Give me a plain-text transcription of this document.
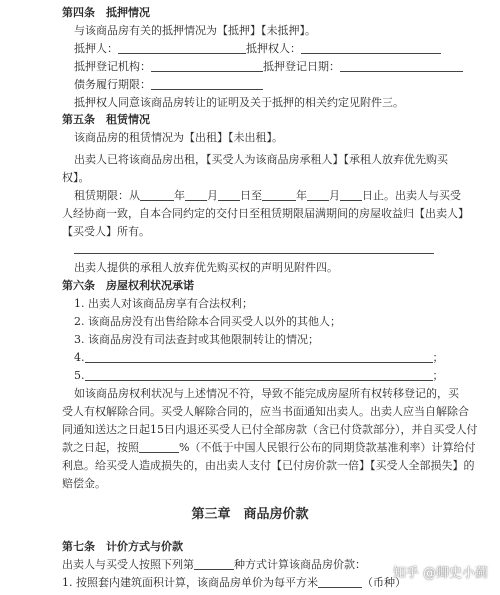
第四条　抵押情况
与该商品房有关的抵押情况为【抵押】【未抵押】。
抵押人：	抵押权人：
抵押登记机构：	抵押登记日期：
债务履行期限：
抵押权人同意该商品房转让的证明及关于抵押的相关约定见附件三。
第五条　租赁情况
该商品房的租赁情况为【出租】【未出租】。
出卖人已将该商品房出租，【买受人为该商品房承租人】【承租人放弃优先购买
权】。
租赁期限：从	年 月 日至	年 月 日止。出卖人与买受
人经协商一致，自本合同约定的交付日至租赁期限届满期间的房屋收益归【出卖人】
【买受人】所有。
出卖人提供的承租人放弃优先购买权的声明见附件四。
第六条　房屋权利状况承诺
1. 出卖人对该商品房享有合法权利；
2. 该商品房没有出售给除本合同买受人以外的其他人；
3. 该商品房没有司法查封或其他限制转让的情况；
4.	；
5.	；
如该商品房权利状况与上述情况不符，导致不能完成房屋所有权转移登记的，买
受人有权解除合同。买受人解除合同的，应当书面通知出卖人。出卖人应当自解除合
同通知送达之日起15日内退还买受人已付全部房款（含已付贷款部分），并自买受人付
款之日起，按照	%（不低于中国人民银行公布的同期贷款基准利率）计算给付
利息。给买受人造成损失的，由出卖人支付【已付房价款一倍】【买受人全部损失】的
赔偿金。
第三章　商品房价款
第七条　计价方式与价款
出卖人与买受人按照下列第	种方式计算该商品房价款：
1. 按照套内建筑面积计算，该商品房单价为每平方米	（币种）
知乎 @卿史小蓟
